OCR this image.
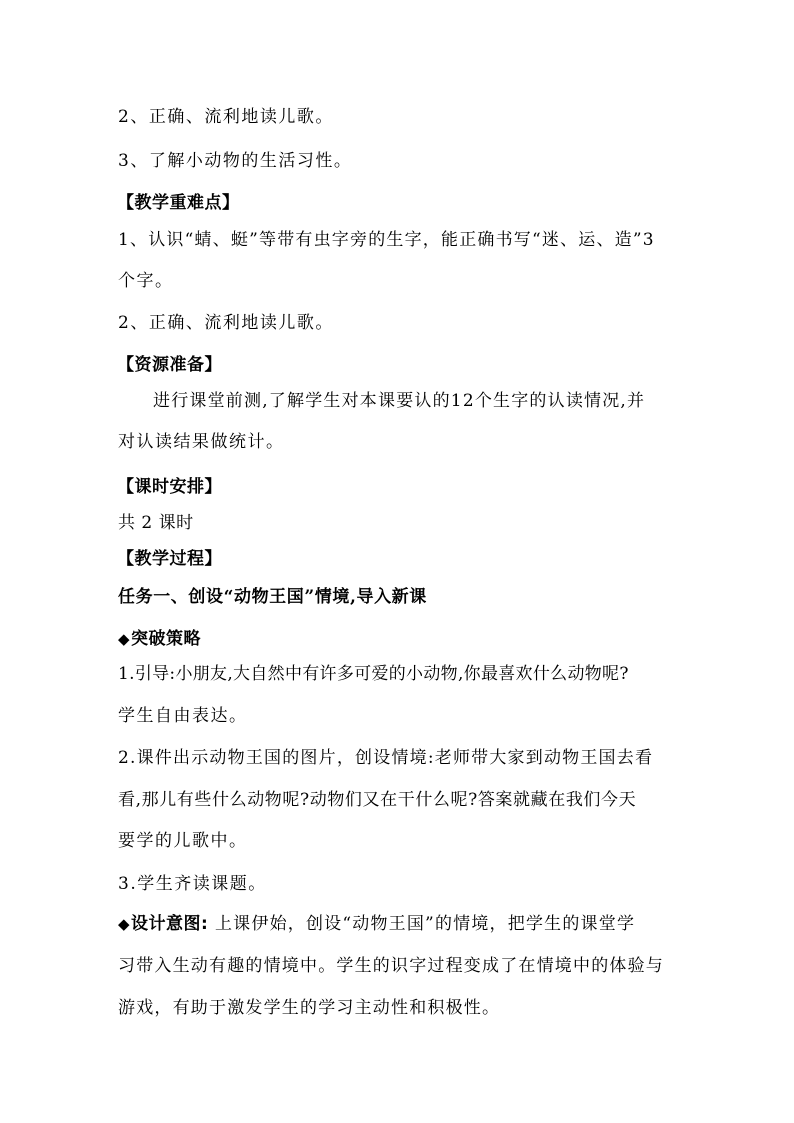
2、正确、流利地读儿歌。
3、了解小动物的生活习性。
【教学重难点】
1、认识“蜻、蜓”等带有虫字旁的生字，能正确书写“迷、运、造”3
个字。
2、正确、流利地读儿歌。
【资源准备】
进行课堂前测,了解学生对本课要认的12个生字的认读情况,并
对认读结果做统计。
【课时安排】
共 2 课时
【教学过程】
任务一、创设“动物王国”情境,导入新课
◆突破策略
1.引导:小朋友,大自然中有许多可爱的小动物,你最喜欢什么动物呢?
学生自由表达。
2.课件出示动物王国的图片，创设情境:老师带大家到动物王国去看
看,那儿有些什么动物呢?动物们又在干什么呢?答案就藏在我们今天
要学的儿歌中。
3.学生齐读课题。
◆设计意图: 上课伊始，创设“动物王国”的情境，把学生的课堂学
习带入生动有趣的情境中。学生的识字过程变成了在情境中的体验与
游戏，有助于激发学生的学习主动性和积极性。
